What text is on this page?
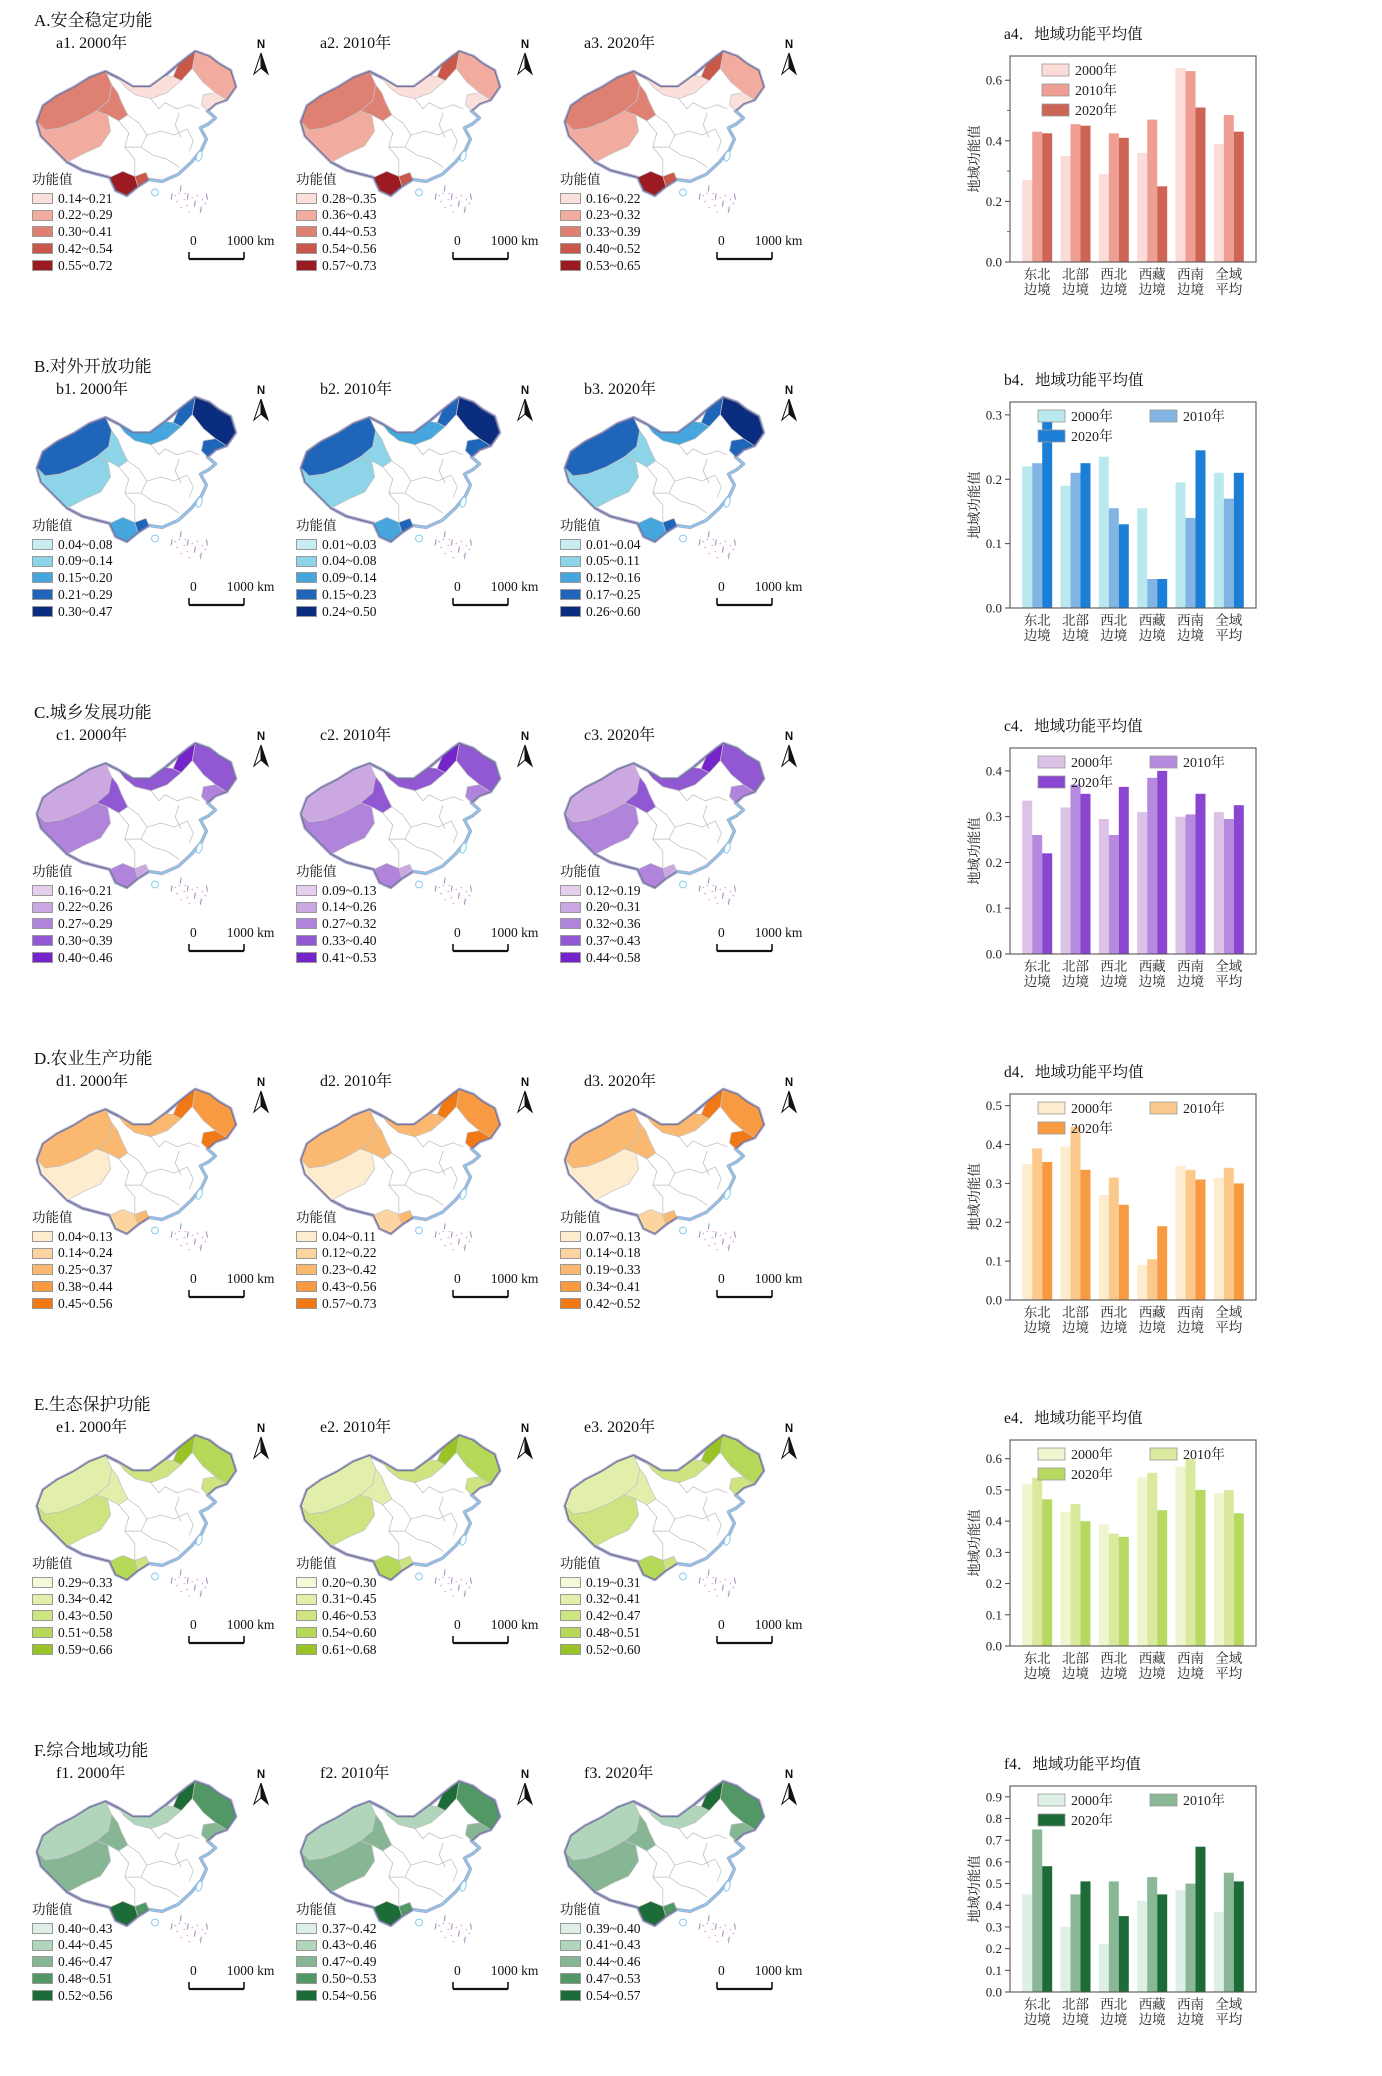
A.安全稳定功能
a1. 2000年	N
功能值
0.14~0.21
0.22~0.29
0.30~0.41
0.42~0.54
0.55~0.72
0 1000 km
a2. 2010年	N
功能值
0.28~0.35
0.36~0.43
0.44~0.53
0.54~0.56
0.57~0.73
0 1000 km
a3. 2020年	N
功能值
0.16~0.22
0.23~0.32
0.33~0.39
0.40~0.52
0.53~0.65
0 1000 km
a4．地域功能平均值
地域功能值
0.0
0.2
0.4
0.6
东北
边境
北部
边境
西北
边境
西藏
边境
西南
边境
全域
平均
2000年
2010年
2020年
B.对外开放功能
b1. 2000年	N
功能值
0.04~0.08
0.09~0.14
0.15~0.20
0.21~0.29
0.30~0.47
0 1000 km
b2. 2010年	N
功能值
0.01~0.03
0.04~0.08
0.09~0.14
0.15~0.23
0.24~0.50
0 1000 km
b3. 2020年	N
功能值
0.01~0.04
0.05~0.11
0.12~0.16
0.17~0.25
0.26~0.60
0 1000 km
b4．地域功能平均值
地域功能值
0.0
0.1
0.2
0.3
东北
边境
北部
边境
西北
边境
西藏
边境
西南
边境
全域
平均
2000年	2010年
2020年
C.城乡发展功能
c1. 2000年	N
功能值
0.16~0.21
0.22~0.26
0.27~0.29
0.30~0.39
0.40~0.46
0 1000 km
c2. 2010年	N
功能值
0.09~0.13
0.14~0.26
0.27~0.32
0.33~0.40
0.41~0.53
0 1000 km
c3. 2020年	N
功能值
0.12~0.19
0.20~0.31
0.32~0.36
0.37~0.43
0.44~0.58
0 1000 km
c4．地域功能平均值
地域功能值
0.0
0.1
0.2
0.3
0.4
东北
边境
北部
边境
西北
边境
西藏
边境
西南
边境
全域
平均
2000年	2010年
2020年
D.农业生产功能
d1. 2000年	N
功能值
0.04~0.13
0.14~0.24
0.25~0.37
0.38~0.44
0.45~0.56
0 1000 km
d2. 2010年	N
功能值
0.04~0.11
0.12~0.22
0.23~0.42
0.43~0.56
0.57~0.73
0 1000 km
d3. 2020年	N
功能值
0.07~0.13
0.14~0.18
0.19~0.33
0.34~0.41
0.42~0.52
0 1000 km
d4．地域功能平均值
地域功能值
0.0
0.1
0.2
0.3
0.4
0.5
东北
边境
北部
边境
西北
边境
西藏
边境
西南
边境
全域
平均
2000年	2010年
2020年
E.生态保护功能
e1. 2000年	N
功能值
0.29~0.33
0.34~0.42
0.43~0.50
0.51~0.58
0.59~0.66
0 1000 km
e2. 2010年	N
功能值
0.20~0.30
0.31~0.45
0.46~0.53
0.54~0.60
0.61~0.68
0 1000 km
e3. 2020年	N
功能值
0.19~0.31
0.32~0.41
0.42~0.47
0.48~0.51
0.52~0.60
0 1000 km
e4．地域功能平均值
地域功能值
0.0
0.1
0.2
0.3
0.4
0.5
0.6
东北
边境
北部
边境
西北
边境
西藏
边境
西南
边境
全域
平均
2000年	2010年
2020年
F.综合地域功能
f1. 2000年	N
功能值
0.40~0.43
0.44~0.45
0.46~0.47
0.48~0.51
0.52~0.56
0 1000 km
f2. 2010年	N
功能值
0.37~0.42
0.43~0.46
0.47~0.49
0.50~0.53
0.54~0.56
0 1000 km
f3. 2020年	N
功能值
0.39~0.40
0.41~0.43
0.44~0.46
0.47~0.53
0.54~0.57
0 1000 km
f4．地域功能平均值
地域功能值
0.0
0.1
0.2
0.3
0.4
0.5
0.6
0.7
0.8
0.9
东北
边境
北部
边境
西北
边境
西藏
边境
西南
边境
全域
平均
2000年	2010年
2020年
